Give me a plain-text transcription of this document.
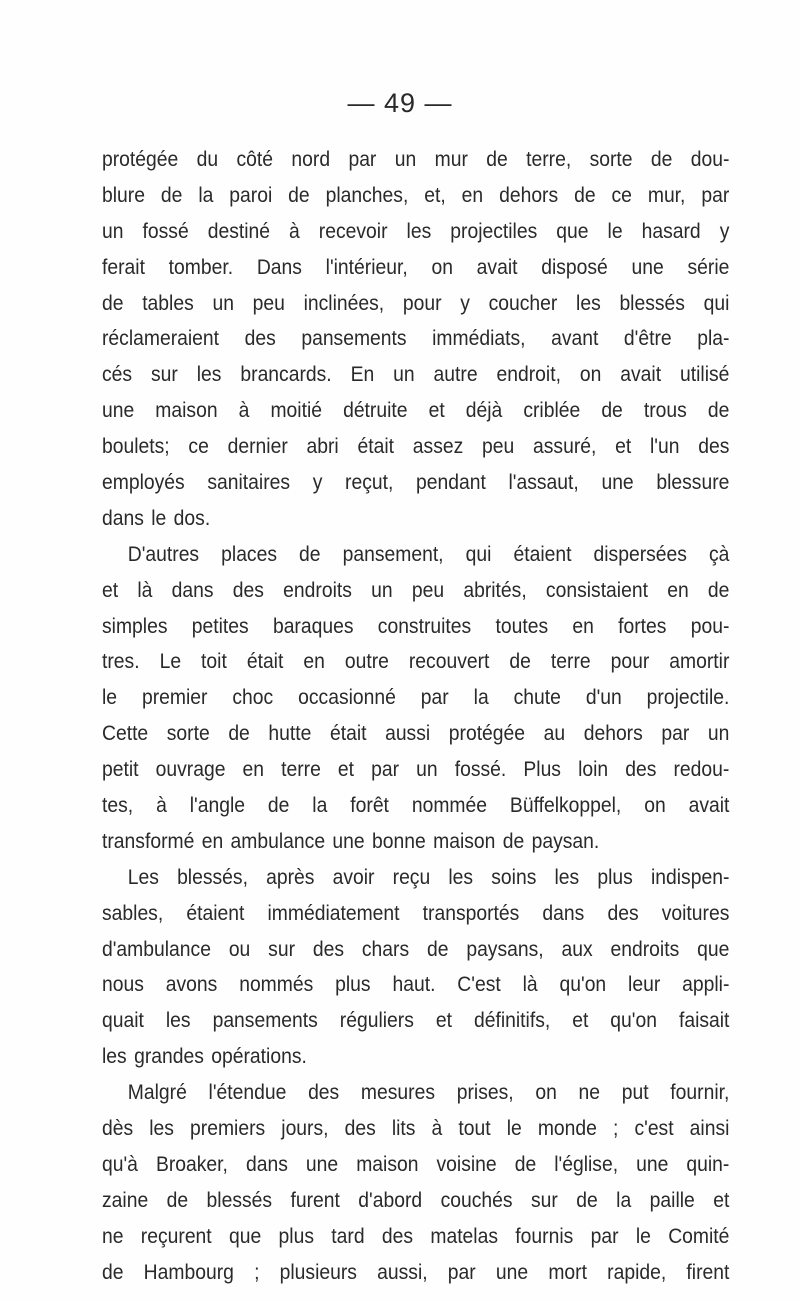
— 49 —
protégée du côté nord par un mur de terre, sorte de dou-
blure de la paroi de planches, et, en dehors de ce mur, par
un fossé destiné à recevoir les projectiles que le hasard y
ferait tomber. Dans l'intérieur, on avait disposé une série
de tables un peu inclinées, pour y coucher les blessés qui
réclameraient des pansements immédiats, avant d'être pla-
cés sur les brancards. En un autre endroit, on avait utilisé
une maison à moitié détruite et déjà criblée de trous de
boulets; ce dernier abri était assez peu assuré, et l'un des
employés sanitaires y reçut, pendant l'assaut, une blessure
dans le dos.
D'autres places de pansement, qui étaient dispersées çà
et là dans des endroits un peu abrités, consistaient en de
simples petites baraques construites toutes en fortes pou-
tres. Le toit était en outre recouvert de terre pour amortir
le premier choc occasionné par la chute d'un projectile.
Cette sorte de hutte était aussi protégée au dehors par un
petit ouvrage en terre et par un fossé. Plus loin des redou-
tes, à l'angle de la forêt nommée Büffelkoppel, on avait
transformé en ambulance une bonne maison de paysan.
Les blessés, après avoir reçu les soins les plus indispen-
sables, étaient immédiatement transportés dans des voitures
d'ambulance ou sur des chars de paysans, aux endroits que
nous avons nommés plus haut. C'est là qu'on leur appli-
quait les pansements réguliers et définitifs, et qu'on faisait
les grandes opérations.
Malgré l'étendue des mesures prises, on ne put fournir,
dès les premiers jours, des lits à tout le monde ; c'est ainsi
qu'à Broaker, dans une maison voisine de l'église, une quin-
zaine de blessés furent d'abord couchés sur de la paille et
ne reçurent que plus tard des matelas fournis par le Comité
de Hambourg ; plusieurs aussi, par une mort rapide, firent
